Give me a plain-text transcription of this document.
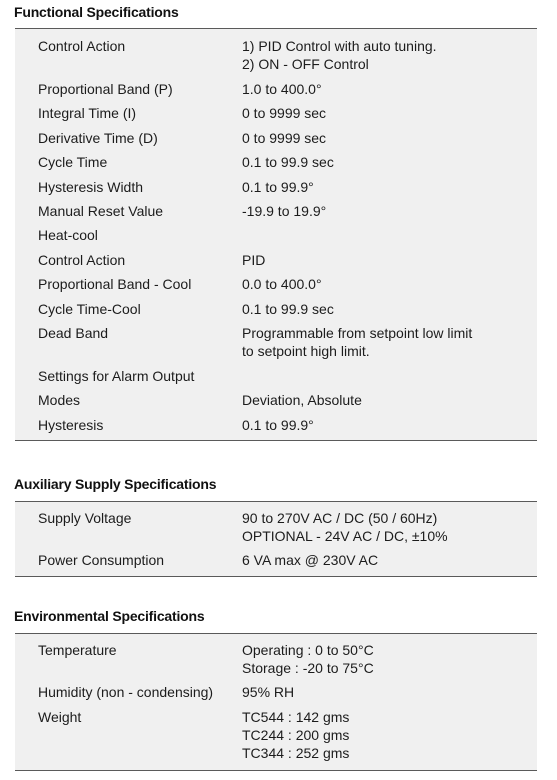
Functional Specifications
Control Action	1) PID Control with auto tuning.
2) ON - OFF Control
Proportional Band (P)	1.0 to 400.0°
Integral Time (I)	0 to 9999 sec
Derivative Time (D)	0 to 9999 sec
Cycle Time	0.1 to 99.9 sec
Hysteresis Width	0.1 to 99.9°
Manual Reset Value	-19.9 to 19.9°
Heat-cool
Control Action	PID
Proportional Band - Cool	0.0 to 400.0°
Cycle Time-Cool	0.1 to 99.9 sec
Dead Band	Programmable from setpoint low limit
to setpoint high limit.
Settings for Alarm Output
Modes	Deviation, Absolute
Hysteresis	0.1 to 99.9°
Auxiliary Supply Specifications
Supply Voltage	90 to 270V AC / DC (50 / 60Hz)
OPTIONAL - 24V AC / DC, ±10%
Power Consumption	6 VA max @ 230V AC
Environmental Specifications
Temperature	Operating : 0 to 50°C
Storage : -20 to 75°C
Humidity (non - condensing) 95% RH
Weight	TC544 : 142 gms
TC244 : 200 gms
TC344 : 252 gms
